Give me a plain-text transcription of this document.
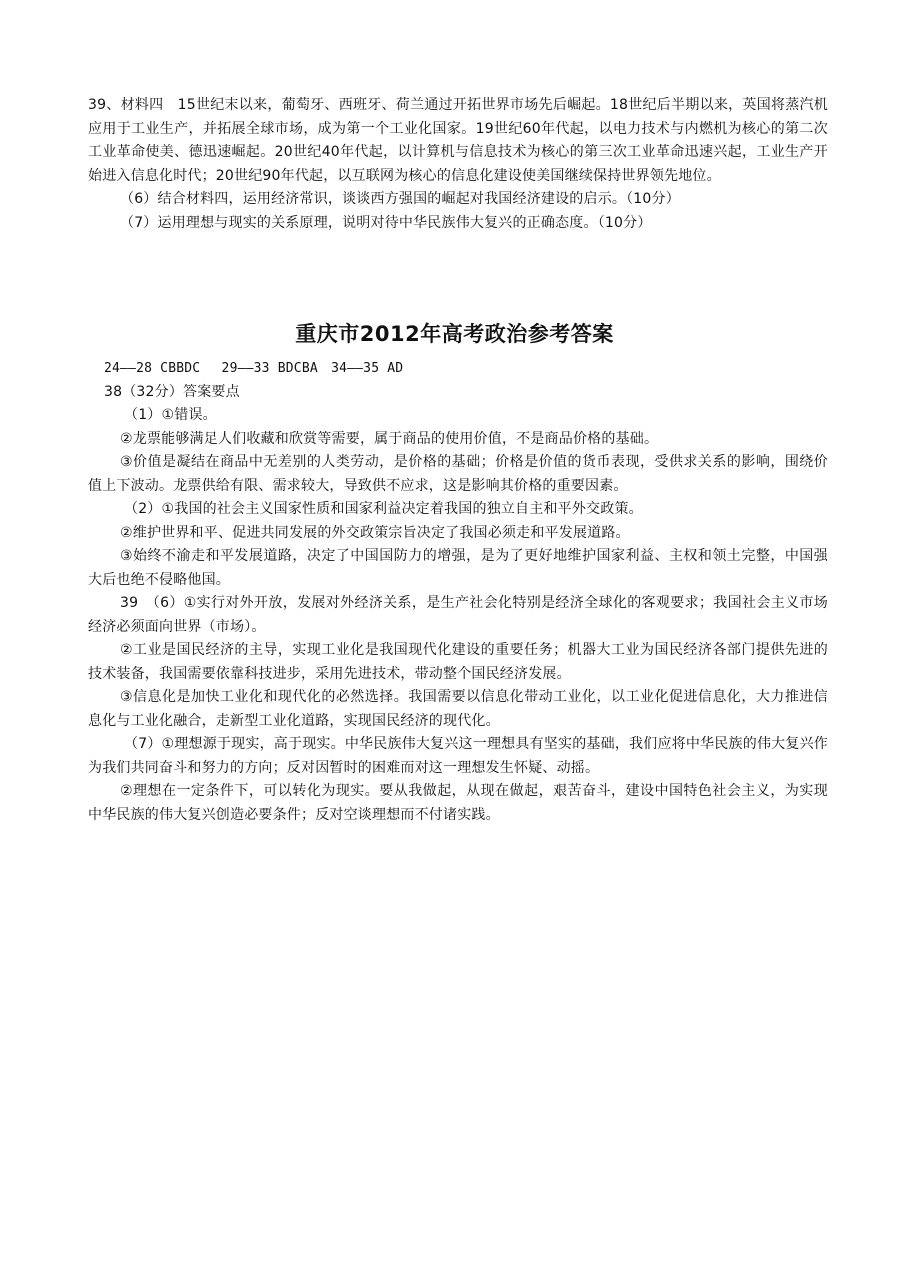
39、材料四　15世纪末以来，葡萄牙、西班牙、荷兰通过开拓世界市场先后崛起。18世纪后半期以来，英国将蒸汽机应用于工业生产，并拓展全球市场，成为第一个工业化国家。19世纪60年代起，以电力技术与内燃机为核心的第二次工业革命使美、德迅速崛起。20世纪40年代起，以计算机与信息技术为核心的第三次工业革命迅速兴起，工业生产开始进入信息化时代；20世纪90年代起，以互联网为核心的信息化建设使美国继续保持世界领先地位。

（6）结合材料四，运用经济常识，谈谈西方强国的崛起对我国经济建设的启示。（10分）

（7）运用理想与现实的关系原理，说明对待中华民族伟大复兴的正确态度。（10分）

重庆市2012年高考政治参考答案

24——28 CBBDC　 29——33 BDCBA　34——35 AD

38（32分）答案要点

（1）①错误。

②龙票能够满足人们收藏和欣赏等需要，属于商品的使用价值，不是商品价格的基础。

③价值是凝结在商品中无差别的人类劳动，是价格的基础；价格是价值的货币表现，受供求关系的影响，围绕价值上下波动。龙票供给有限、需求较大，导致供不应求，这是影响其价格的重要因素。

（2）①我国的社会主义国家性质和国家利益决定着我国的独立自主和平外交政策。

②维护世界和平、促进共同发展的外交政策宗旨决定了我国必须走和平发展道路。

③始终不渝走和平发展道路，决定了中国国防力的增强，是为了更好地维护国家利益、主权和领土完整，中国强大后也绝不侵略他国。

39　（6）①实行对外开放，发展对外经济关系，是生产社会化特别是经济全球化的客观要求；我国社会主义市场经济必须面向世界（市场）。

②工业是国民经济的主导，实现工业化是我国现代化建设的重要任务；机器大工业为国民经济各部门提供先进的技术装备，我国需要依靠科技进步，采用先进技术，带动整个国民经济发展。

③信息化是加快工业化和现代化的必然选择。我国需要以信息化带动工业化，以工业化促进信息化，大力推进信息化与工业化融合，走新型工业化道路，实现国民经济的现代化。

（7）①理想源于现实，高于现实。中华民族伟大复兴这一理想具有坚实的基础，我们应将中华民族的伟大复兴作为我们共同奋斗和努力的方向；反对因暂时的困难而对这一理想发生怀疑、动摇。

②理想在一定条件下，可以转化为现实。要从我做起，从现在做起，艰苦奋斗，建设中国特色社会主义，为实现中华民族的伟大复兴创造必要条件；反对空谈理想而不付诸实践。
